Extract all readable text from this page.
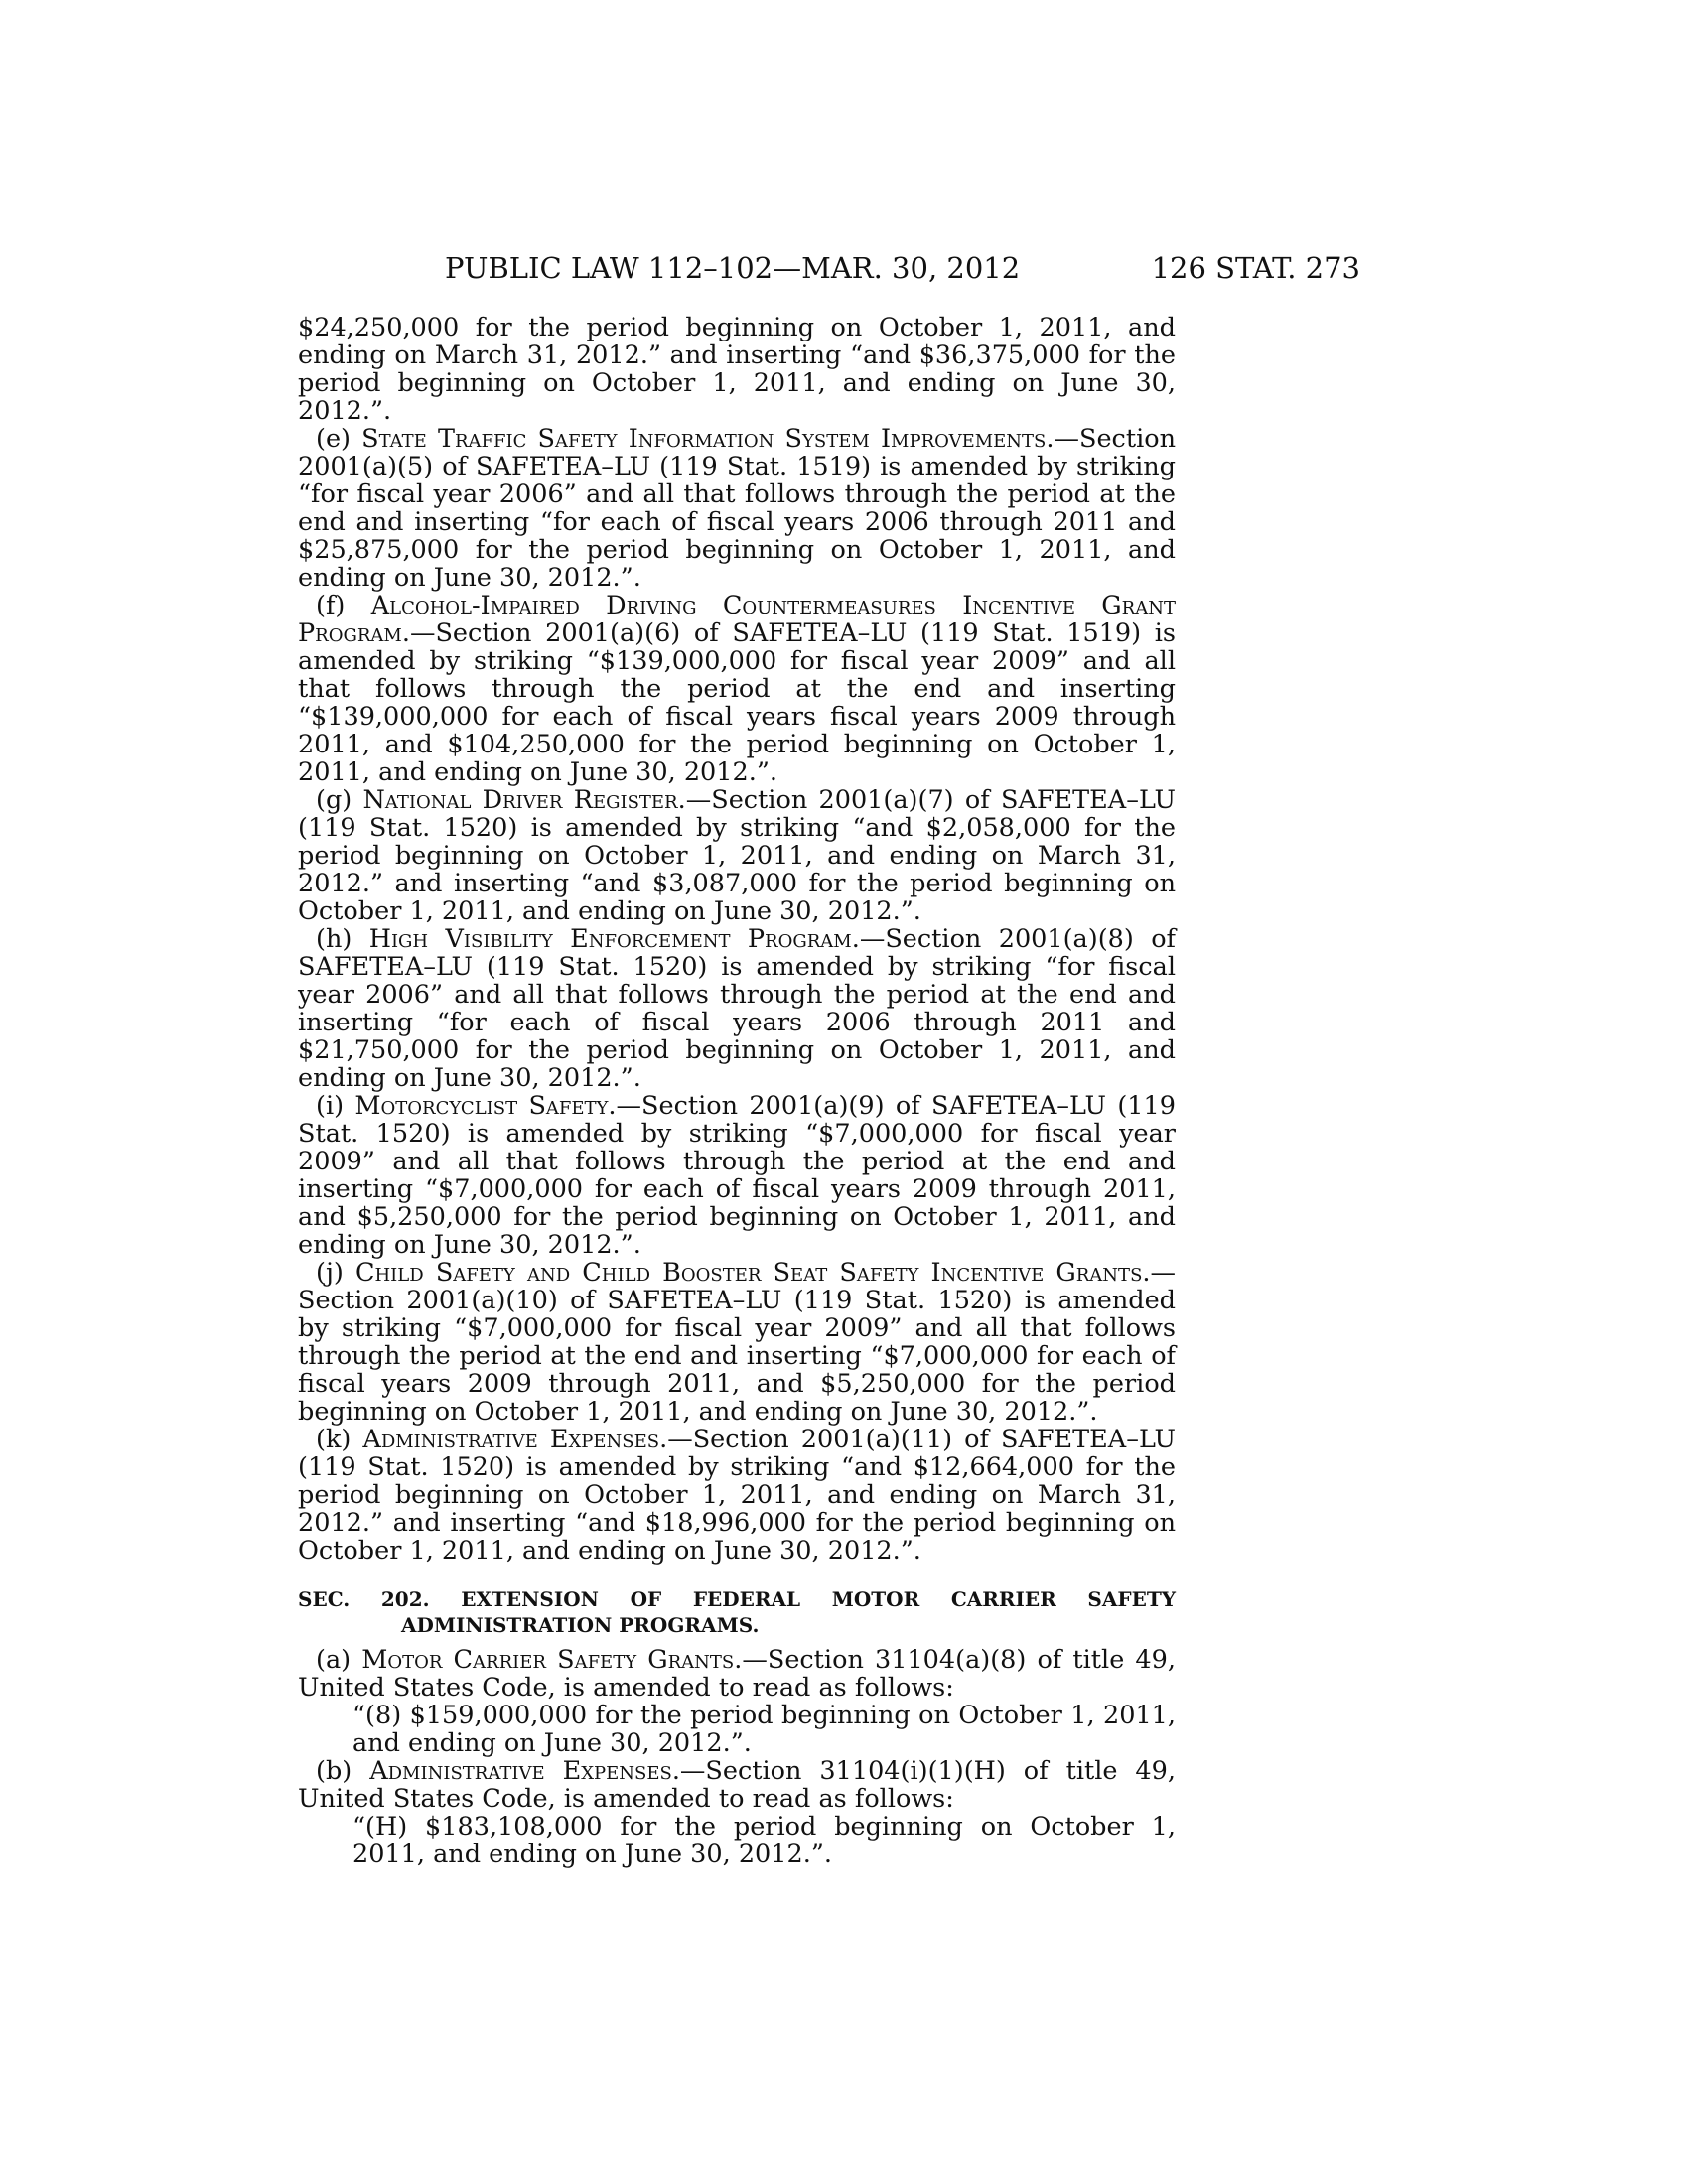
PUBLIC LAW 112–102—MAR. 30, 2012	126 STAT. 273

$24,250,000 for the period beginning on October 1, 2011, and ending on March 31, 2012.” and inserting “and $36,375,000 for the period beginning on October 1, 2011, and ending on June 30, 2012.”.

(e) State Traffic Safety Information System Improvements.—Section 2001(a)(5) of SAFETEA–LU (119 Stat. 1519) is amended by striking “for fiscal year 2006” and all that follows through the period at the end and inserting “for each of fiscal years 2006 through 2011 and $25,875,000 for the period beginning on October 1, 2011, and ending on June 30, 2012.”.

(f) Alcohol-Impaired Driving Countermeasures Incentive Grant Program.—Section 2001(a)(6) of SAFETEA–LU (119 Stat. 1519) is amended by striking “$139,000,000 for fiscal year 2009” and all that follows through the period at the end and inserting “$139,000,000 for each of fiscal years fiscal years 2009 through 2011, and $104,250,000 for the period beginning on October 1, 2011, and ending on June 30, 2012.”.

(g) National Driver Register.—Section 2001(a)(7) of SAFETEA–LU (119 Stat. 1520) is amended by striking “and $2,058,000 for the period beginning on October 1, 2011, and ending on March 31, 2012.” and inserting “and $3,087,000 for the period beginning on October 1, 2011, and ending on June 30, 2012.”.

(h) High Visibility Enforcement Program.—Section 2001(a)(8) of SAFETEA–LU (119 Stat. 1520) is amended by striking “for fiscal year 2006” and all that follows through the period at the end and inserting “for each of fiscal years 2006 through 2011 and $21,750,000 for the period beginning on October 1, 2011, and ending on June 30, 2012.”.

(i) Motorcyclist Safety.—Section 2001(a)(9) of SAFETEA–LU (119 Stat. 1520) is amended by striking “$7,000,000 for fiscal year 2009” and all that follows through the period at the end and inserting “$7,000,000 for each of fiscal years 2009 through 2011, and $5,250,000 for the period beginning on October 1, 2011, and ending on June 30, 2012.”.

(j) Child Safety and Child Booster Seat Safety Incentive Grants.—Section 2001(a)(10) of SAFETEA–LU (119 Stat. 1520) is amended by striking “$7,000,000 for fiscal year 2009” and all that follows through the period at the end and inserting “$7,000,000 for each of fiscal years 2009 through 2011, and $5,250,000 for the period beginning on October 1, 2011, and ending on June 30, 2012.”.

(k) Administrative Expenses.—Section 2001(a)(11) of SAFETEA–LU (119 Stat. 1520) is amended by striking “and $12,664,000 for the period beginning on October 1, 2011, and ending on March 31, 2012.” and inserting “and $18,996,000 for the period beginning on October 1, 2011, and ending on June 30, 2012.”.

SEC. 202. EXTENSION OF FEDERAL MOTOR CARRIER SAFETY ADMINISTRATION PROGRAMS.

(a) Motor Carrier Safety Grants.—Section 31104(a)(8) of title 49, United States Code, is amended to read as follows:

“(8) $159,000,000 for the period beginning on October 1, 2011, and ending on June 30, 2012.”.

(b) Administrative Expenses.—Section 31104(i)(1)(H) of title 49, United States Code, is amended to read as follows:

“(H) $183,108,000 for the period beginning on October 1, 2011, and ending on June 30, 2012.”.
